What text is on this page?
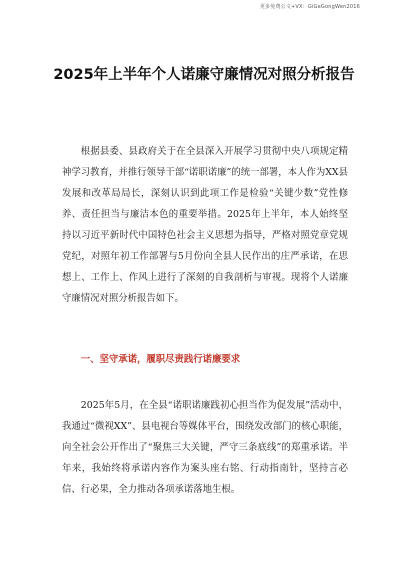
更多免费公文+VX：GiGeGongWen2016
2025年上半年个人诺廉守廉情况对照分析报告

根据县委、县政府关于在全县深入开展学习贯彻中央八项规定精神学习教育，并推行领导干部“诺职诺廉”的统一部署，本人作为XX县发展和改革局局长，深刻认识到此项工作是检验“关键少数”党性修养、责任担当与廉洁本色的重要举措。2025年上半年，本人始终坚持以习近平新时代中国特色社会主义思想为指导，严格对照党章党规党纪，对照年初工作部署与5月份向全县人民作出的庄严承诺，在思想上、工作上、作风上进行了深刻的自我剖析与审视。现将个人诺廉守廉情况对照分析报告如下。

一、坚守承诺，履职尽责践行诺廉要求

2025年5月，在全县“诺职诺廉践初心担当作为促发展”活动中，我通过“微视XX”、县电视台等媒体平台，围绕发改部门的核心职能，向全社会公开作出了“聚焦三大关键，严守三条底线”的郑重承诺。半年来，我始终将承诺内容作为案头座右铭、行动指南针，坚持言必信、行必果，全力推动各项承诺落地生根。
